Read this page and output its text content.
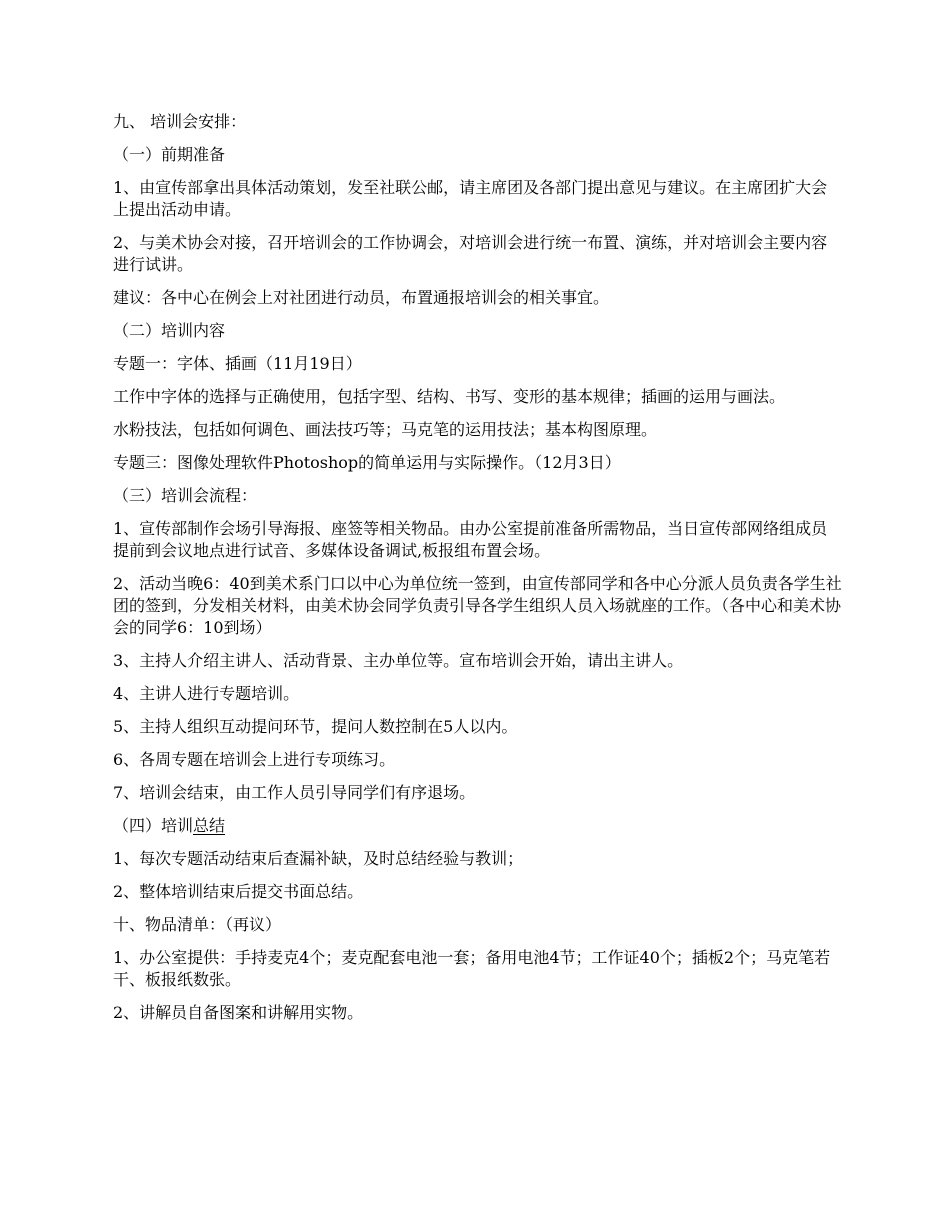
九、 培训会安排：

（一）前期准备

1、由宣传部拿出具体活动策划，发至社联公邮，请主席团及各部门提出意见与建议。在主席团扩大会上提出活动申请。

2、与美术协会对接，召开培训会的工作协调会，对培训会进行统一布置、演练，并对培训会主要内容进行试讲。

建议：各中心在例会上对社团进行动员，布置通报培训会的相关事宜。

（二）培训内容

专题一：字体、插画（11月19日）

工作中字体的选择与正确使用，包括字型、结构、书写、变形的基本规律；插画的运用与画法。

水粉技法，包括如何调色、画法技巧等；马克笔的运用技法；基本构图原理。

专题三：图像处理软件Photoshop的简单运用与实际操作。（12月3日）

（三）培训会流程：

1、宣传部制作会场引导海报、座签等相关物品。由办公室提前准备所需物品，当日宣传部网络组成员提前到会议地点进行试音、多媒体设备调试,板报组布置会场。

2、活动当晚6：40到美术系门口以中心为单位统一签到，由宣传部同学和各中心分派人员负责各学生社团的签到，分发相关材料，由美术协会同学负责引导各学生组织人员入场就座的工作。（各中心和美术协会的同学6：10到场）

3、主持人介绍主讲人、活动背景、主办单位等。宣布培训会开始，请出主讲人。

4、主讲人进行专题培训。

5、主持人组织互动提问环节，提问人数控制在5人以内。

6、各周专题在培训会上进行专项练习。

7、培训会结束，由工作人员引导同学们有序退场。

（四）培训总结

1、每次专题活动结束后查漏补缺，及时总结经验与教训；

2、整体培训结束后提交书面总结。

十、物品清单：（再议）

1、办公室提供：手持麦克4个；麦克配套电池一套；备用电池4节；工作证40个；插板2个；马克笔若干、板报纸数张。

2、讲解员自备图案和讲解用实物。
